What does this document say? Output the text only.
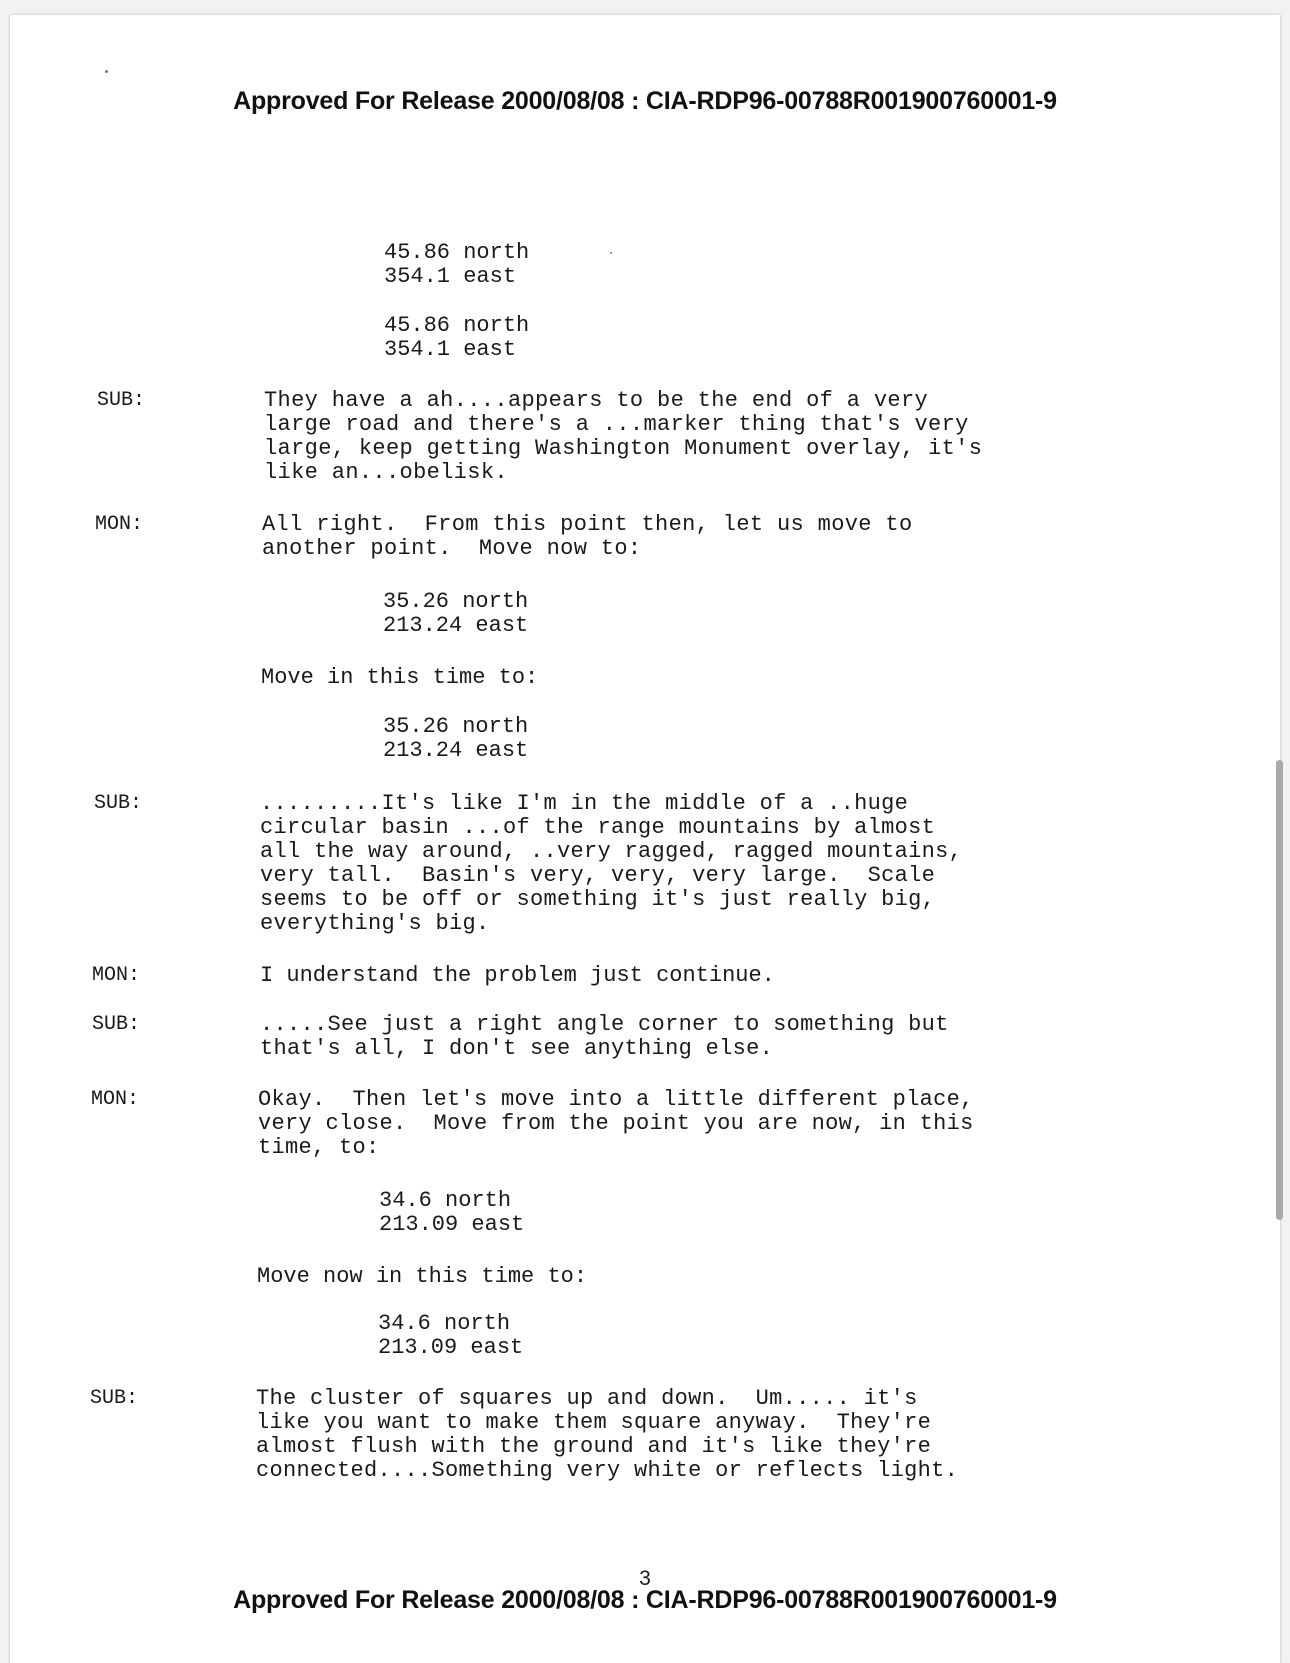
Approved For Release 2000/08/08 : CIA-RDP96-00788R001900760001-9
45.86 north
354.1 east
45.86 north
354.1 east
SUB:	They have a ah....appears to be the end of a very
large road and there's a ...marker thing that's very
large, keep getting Washington Monument overlay, it's
like an...obelisk.
MON:	All right.  From this point then, let us move to
another point.  Move now to:
35.26 north
213.24 east
Move in this time to:
35.26 north
213.24 east
SUB:	.........It's like I'm in the middle of a ..huge
circular basin ...of the range mountains by almost
all the way around, ..very ragged, ragged mountains,
very tall.  Basin's very, very, very large.  Scale
seems to be off or something it's just really big,
everything's big.
MON:	I understand the problem just continue.
SUB:	.....See just a right angle corner to something but
that's all, I don't see anything else.
MON:	Okay.  Then let's move into a little different place,
very close.  Move from the point you are now, in this
time, to:
34.6 north
213.09 east
Move now in this time to:
34.6 north
213.09 east
SUB:	The cluster of squares up and down.  Um..... it's
like you want to make them square anyway.  They're
almost flush with the ground and it's like they're
connected....Something very white or reflects light.
3
Approved For Release 2000/08/08 : CIA-RDP96-00788R001900760001-9
